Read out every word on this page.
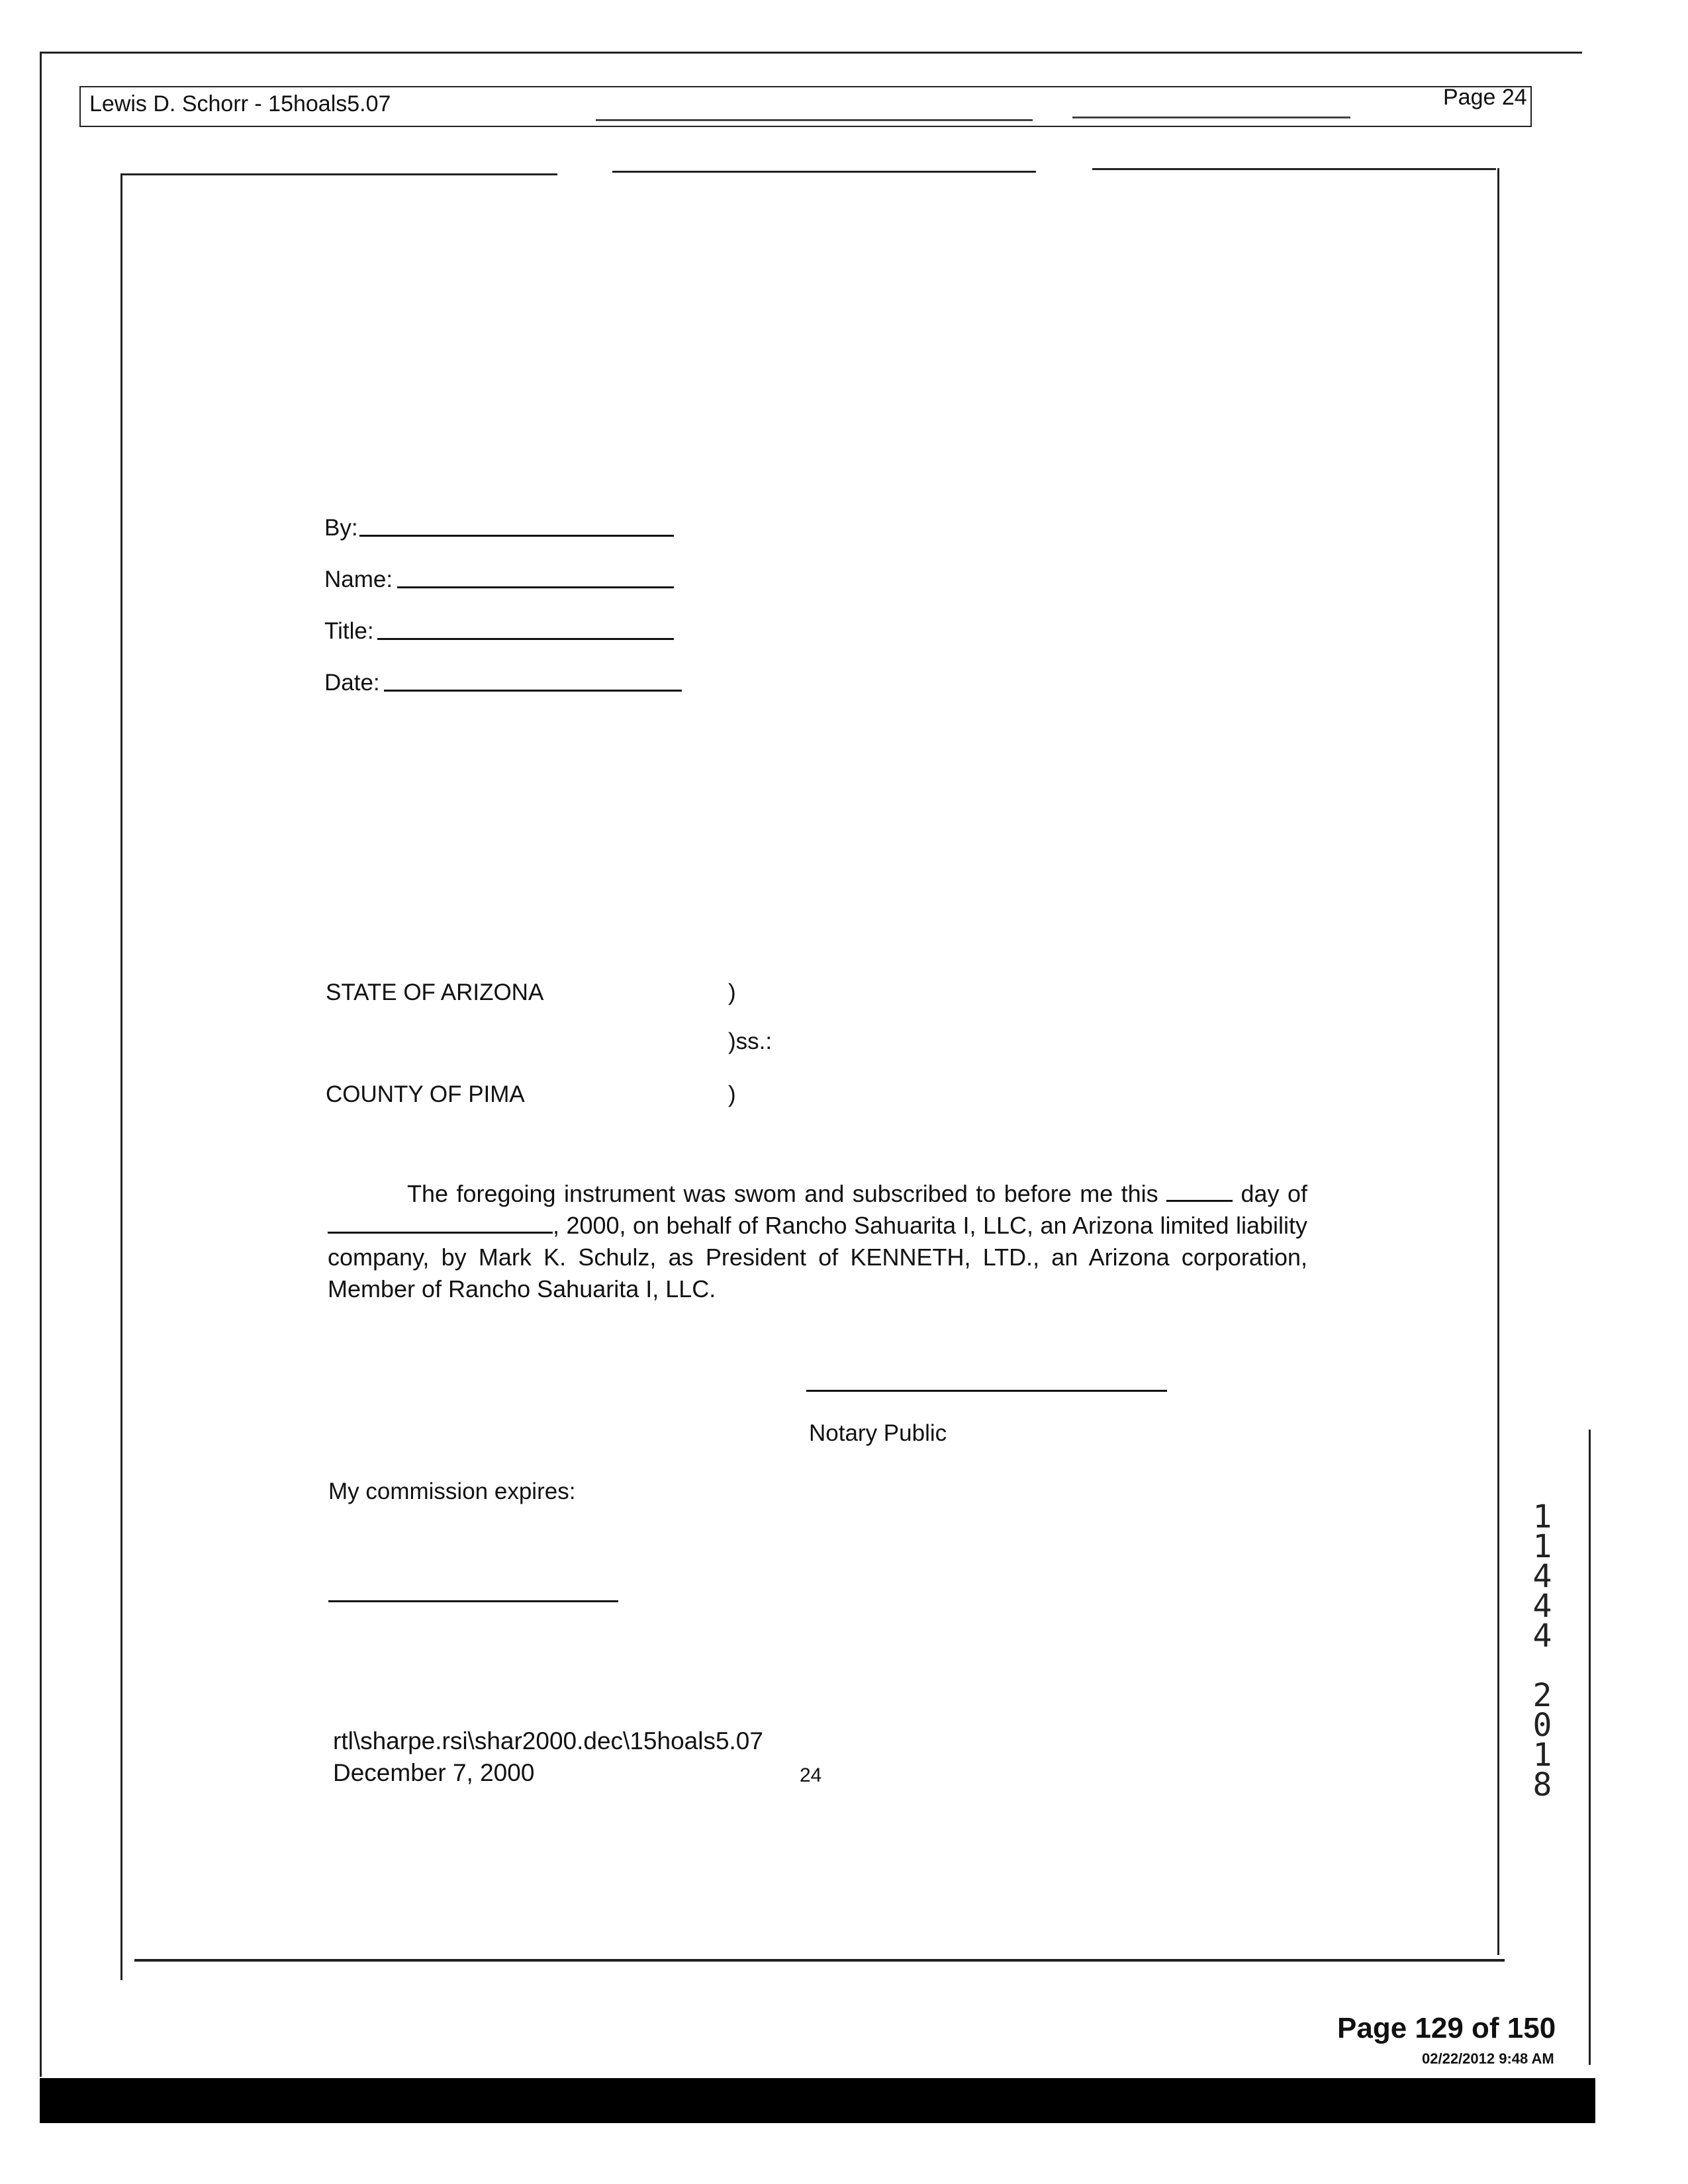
Lewis D. Schorr - 15hoals5.07	Page 24
By:
Name:
Title:
Date:
STATE OF ARIZONA	)
)ss.:
COUNTY OF PIMA	)
The foregoing instrument was swom and subscribed to before me this	day of , 2000, on behalf of Rancho Sahuarita I, LLC, an Arizona limited liability company, by Mark K. Schulz, as President of KENNETH, LTD., an Arizona corporation, Member of Rancho Sahuarita I, LLC.
Notary Public
My commission expires:
rtl\sharpe.rsi\shar2000.dec\15hoals5.07
December 7, 2000	24
1
1
4
4
4
2
0
1
8
Page 129 of 150
02/22/2012 9:48 AM
